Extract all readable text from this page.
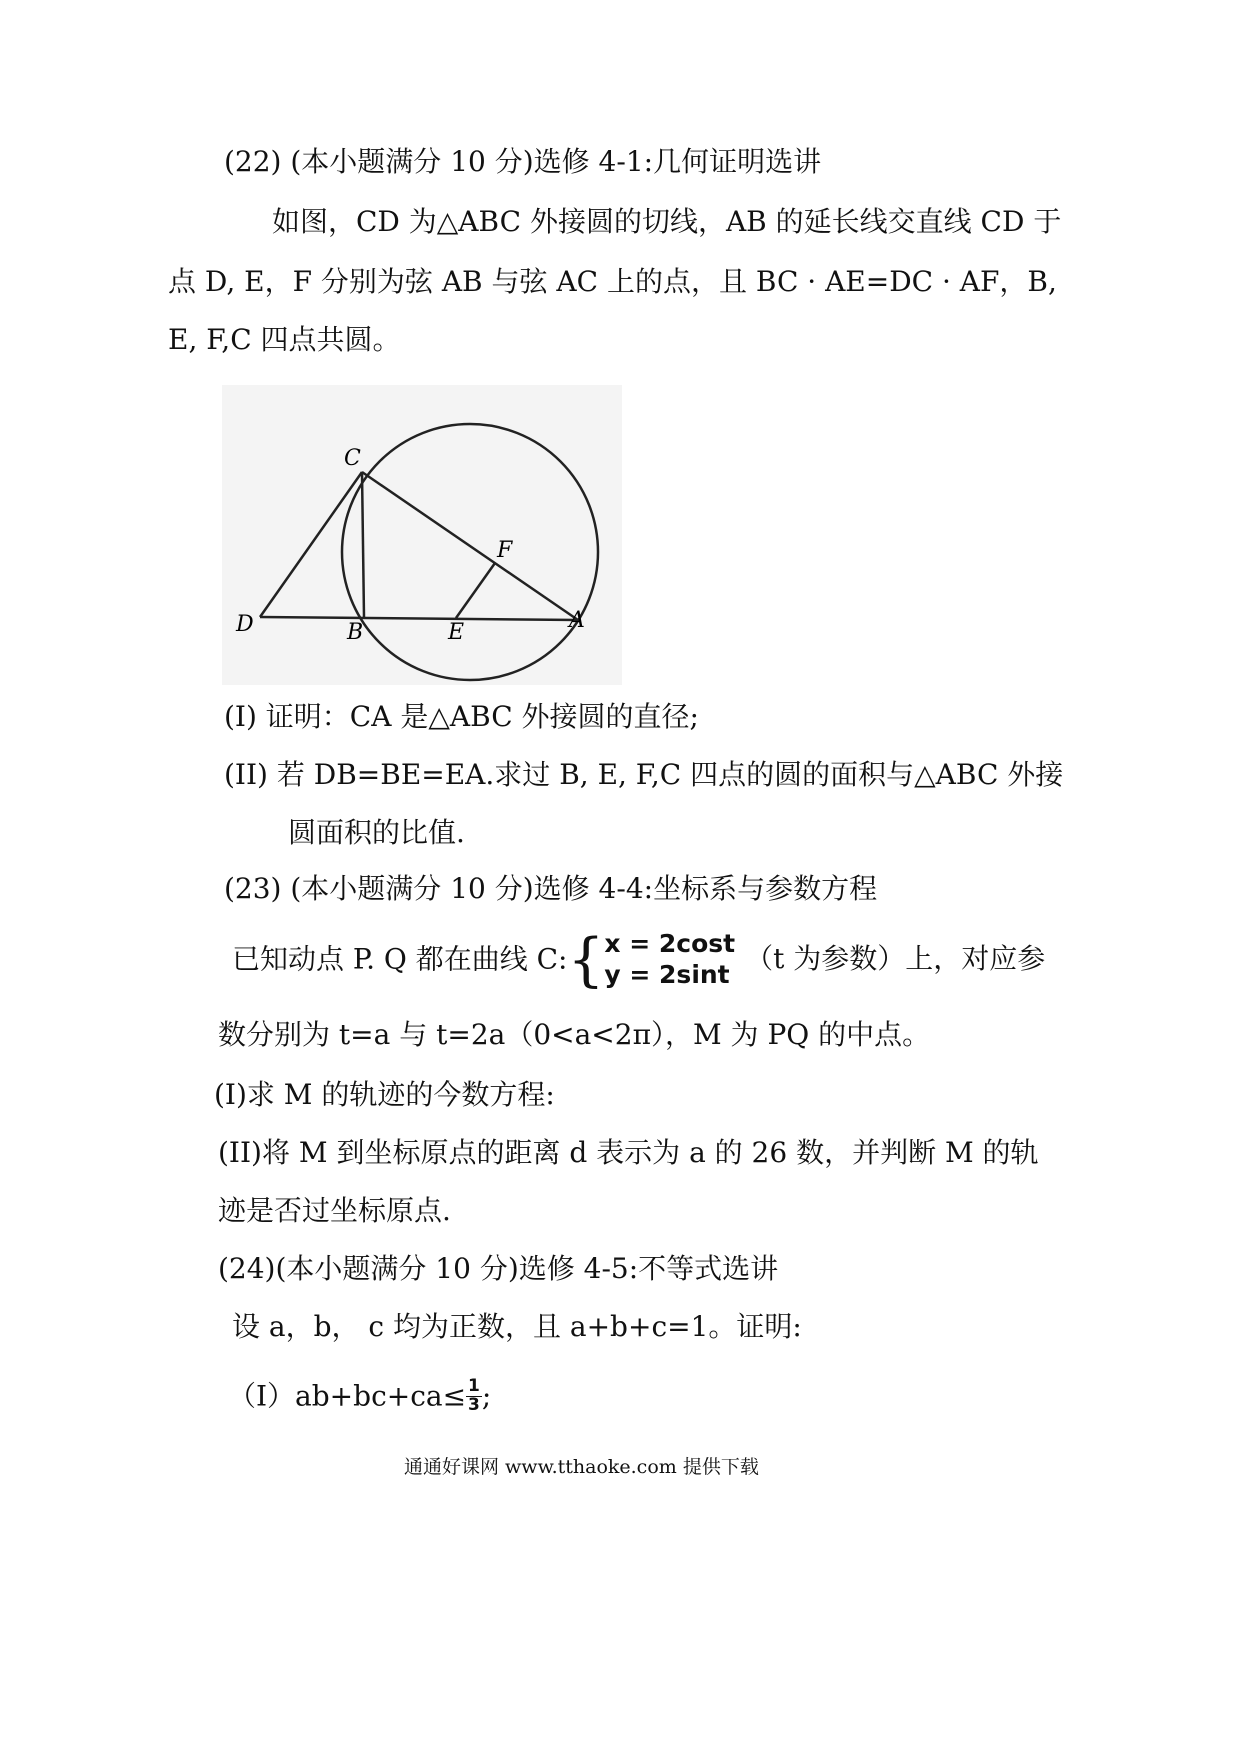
(22) (本小题满分 10 分)选修 4-1:几何证明选讲
如图，CD 为△ABC 外接圆的切线，AB 的延长线交直线 CD 于
点 D, E，F 分别为弦 AB 与弦 AC 上的点，且 BC · AE=DC · AF，B,
E, F,C 四点共圆。
C
F
D	B	E	A
(I) 证明：CA 是△ABC 外接圆的直径;
(II) 若 DB=BE=EA.求过 B, E, F,C 四点的圆的面积与△ABC 外接
圆面积的比值.
(23) (本小题满分 10 分)选修 4-4:坐标系与参数方程
已知动点 P. Q 都在曲线 C:{ x = 2cost
y = 2sint （t 为参数）上，对应参
数分别为 t=a 与 t=2a（0<a<2π），M 为 PQ 的中点。
(I)求 M 的轨迹的今数方程:
(II)将 M 到坐标原点的距离 d 表示为 a 的 26 数，并判断 M 的轨
迹是否过坐标原点.
(24)(本小题满分 10 分)选修 4-5:不等式选讲
设 a，b， c 均为正数，且 a+b+c=1。证明:
（Ⅰ）ab+bc+ca≤ $\frac{1}{3}$ ;
通通好课网 www.tthaoke.com 提供下载
